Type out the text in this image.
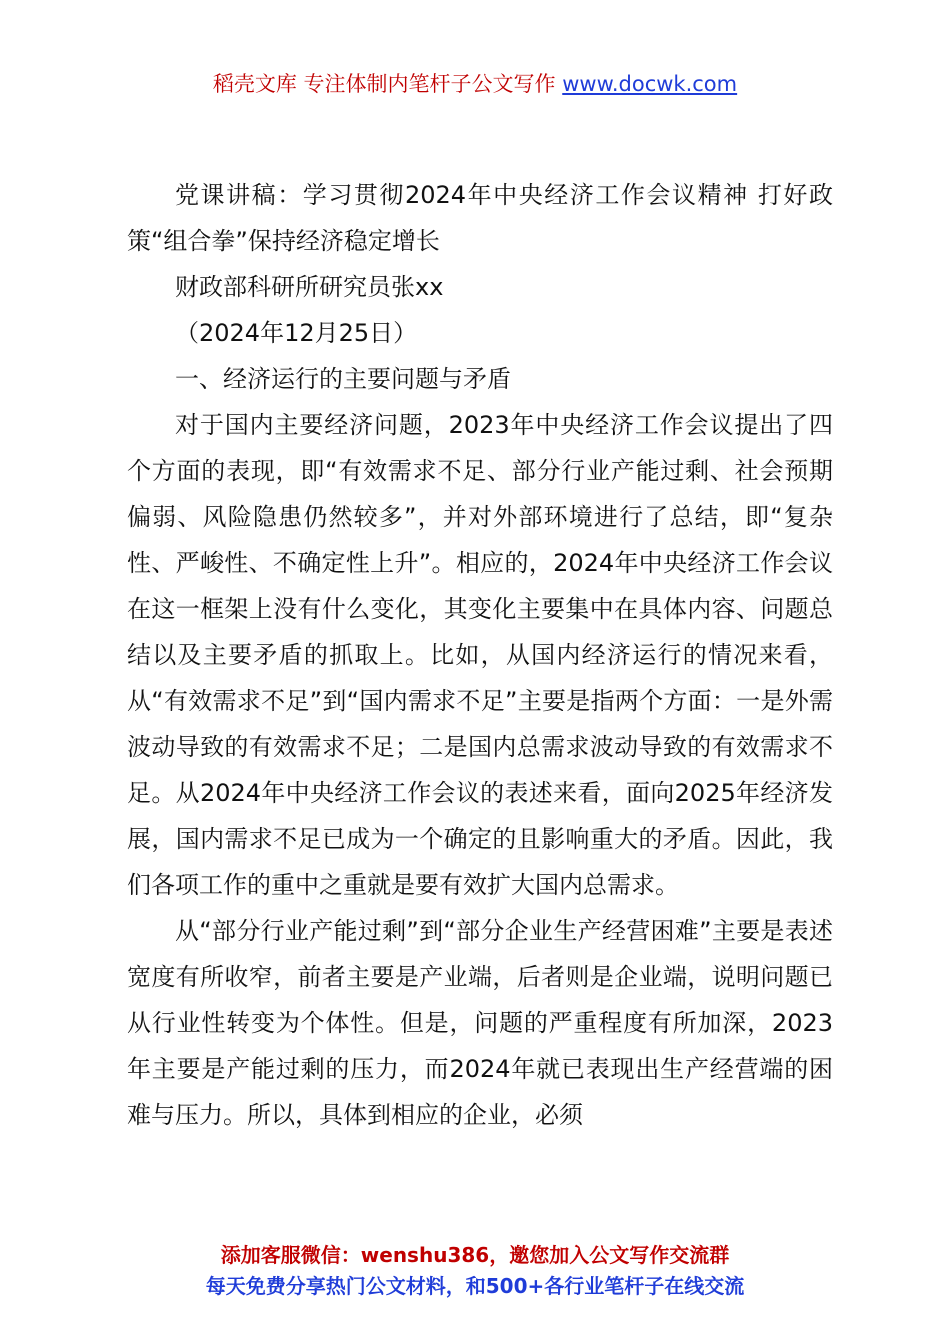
稻壳文库 专注体制内笔杆子公文写作 www.docwk.com

党课讲稿：学习贯彻2024年中央经济工作会议精神 打好政策“组合拳”保持经济稳定增长

财政部科研所研究员张xx

（2024年12月25日）

一、经济运行的主要问题与矛盾

对于国内主要经济问题，2023年中央经济工作会议提出了四个方面的表现，即“有效需求不足、部分行业产能过剩、社会预期偏弱、风险隐患仍然较多”，并对外部环境进行了总结，即“复杂性、严峻性、不确定性上升”。相应的，2024年中央经济工作会议在这一框架上没有什么变化，其变化主要集中在具体内容、问题总结以及主要矛盾的抓取上。比如，从国内经济运行的情况来看，从“有效需求不足”到“国内需求不足”主要是指两个方面：一是外需波动导致的有效需求不足；二是国内总需求波动导致的有效需求不足。从2024年中央经济工作会议的表述来看，面向2025年经济发展，国内需求不足已成为一个确定的且影响重大的矛盾。因此，我们各项工作的重中之重就是要有效扩大国内总需求。

从“部分行业产能过剩”到“部分企业生产经营困难”主要是表述宽度有所收窄，前者主要是产业端，后者则是企业端，说明问题已从行业性转变为个体性。但是，问题的严重程度有所加深，2023年主要是产能过剩的压力，而2024年就已表现出生产经营端的困难与压力。所以，具体到相应的企业，必须

添加客服微信：wenshu386，邀您加入公文写作交流群
每天免费分享热门公文材料，和500+各行业笔杆子在线交流
